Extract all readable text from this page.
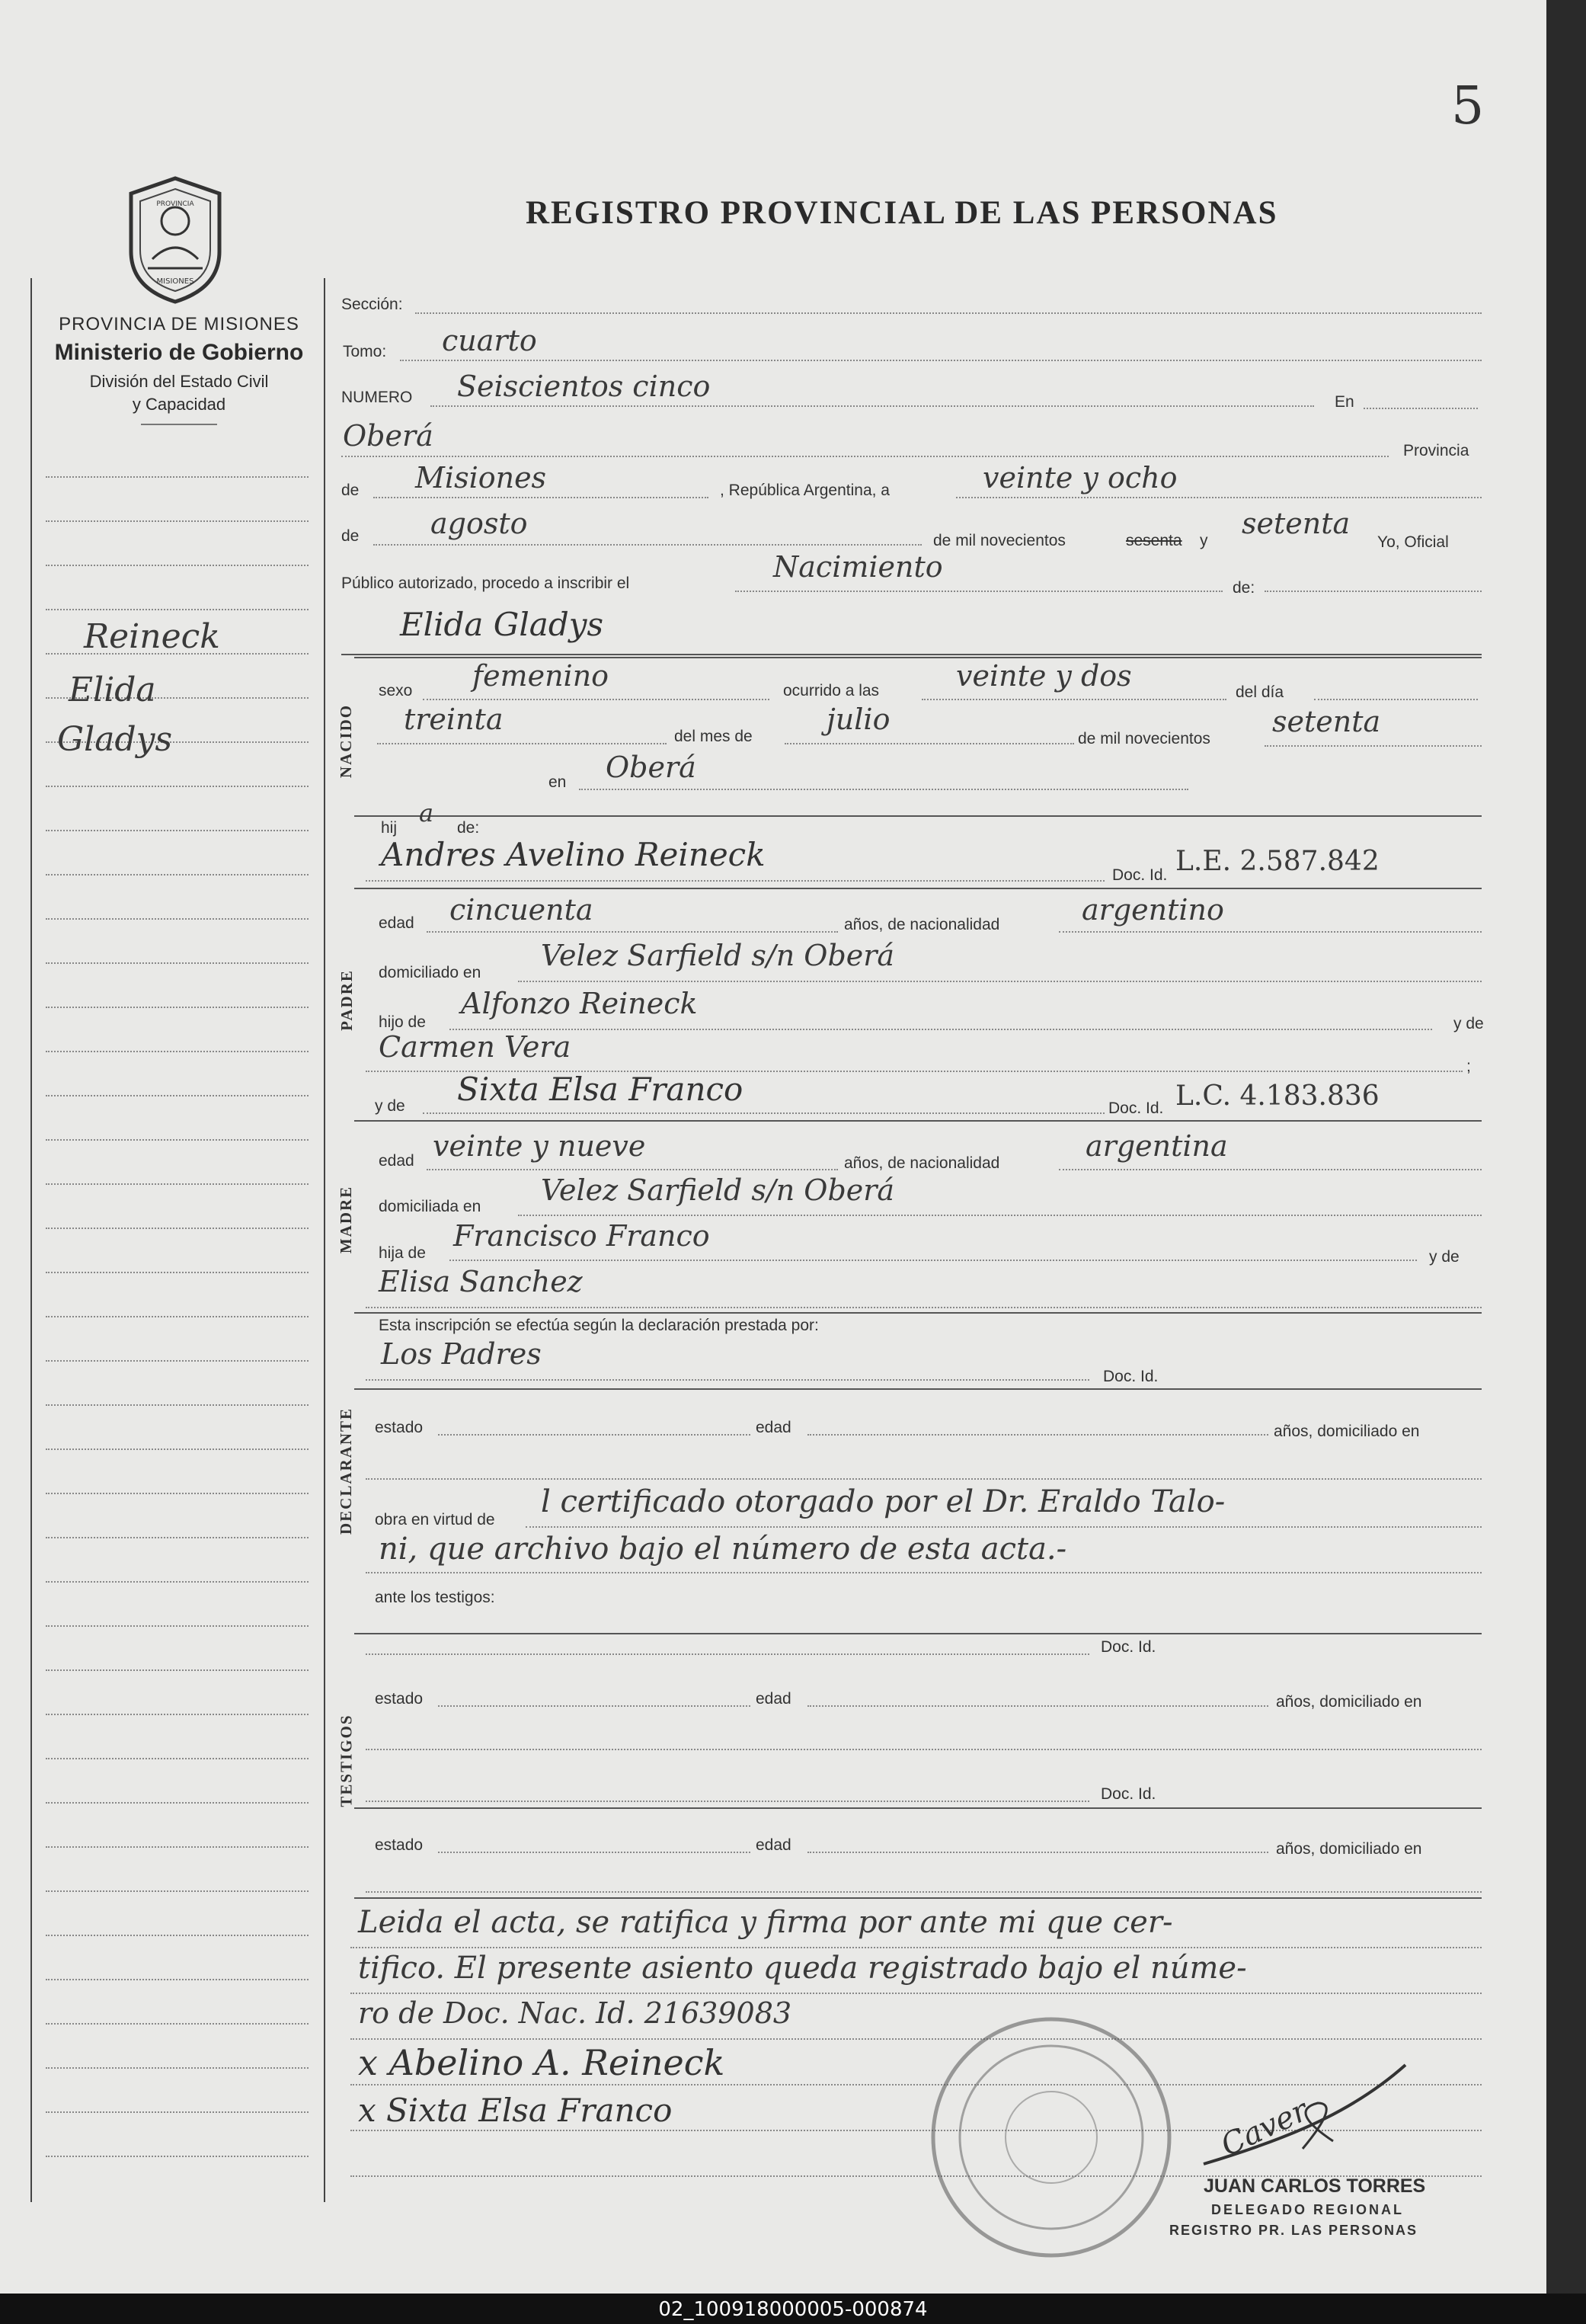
5
REGISTRO PROVINCIAL DE LAS PERSONAS
PROVINCIA
MISIONES
PROVINCIA DE MISIONES
Ministerio de Gobierno
División del Estado Civil
y Capacidad
Reineck
Elida
Gladys
Sección:
Tomo: cuarto
NUMERO Seiscientos cinco	En
Oberá	Provincia
de Misiones	, República Argentina, a	veinte y ocho
de agosto
de mil novecientos	sesenta y
setenta
Yo, Oficial
Público autorizado, procedo a inscribir el	Nacimiento
de:
Elida Gladys
NACIDO
sexo femenino	ocurrido a las	veinte y dos	del día
treinta
del mes de
julio
de mil novecientos
setenta
en Oberá
hij
a
de:
Andres Avelino Reineck
Doc. Id. L.E. 2.587.842
PADRE
edad cincuenta	años, de nacionalidad	argentino
domiciliado en
Velez Sarfield s/n Oberá
hijo de
Alfonzo Reineck
y de
Carmen Vera
;
y de Sixta Elsa Franco
Doc. Id. L.C. 4.183.836
MADRE
edad veinte y nueve
años, de nacionalidad
argentina
domiciliada en Velez Sarfield s/n Oberá
hija de
Francisco Franco
y de
Elisa Sanchez
Esta inscripción se efectúa según la declaración prestada por:
Los Padres
Doc. Id.
DECLARANTE estado	edad	años, domiciliado en
obra en virtud de
l certificado otorgado por el Dr. Eraldo Talo-
ni, que archivo bajo el número de esta acta.-
ante los testigos:
Doc. Id.
TESTIGOS
estado	edad	años, domiciliado en
Doc. Id.
estado	edad	años, domiciliado en
Leida el acta, se ratifica y firma por ante mi que cer-
tifico. El presente asiento queda registrado bajo el núme-
ro de Doc. Nac. Id. 21639083
x Abelino A. Reineck
x Sixta Elsa Franco	Caver
JUAN CARLOS TORRES
DELEGADO REGIONAL
REGISTRO PR. LAS PERSONAS
02_100918000005-000874
